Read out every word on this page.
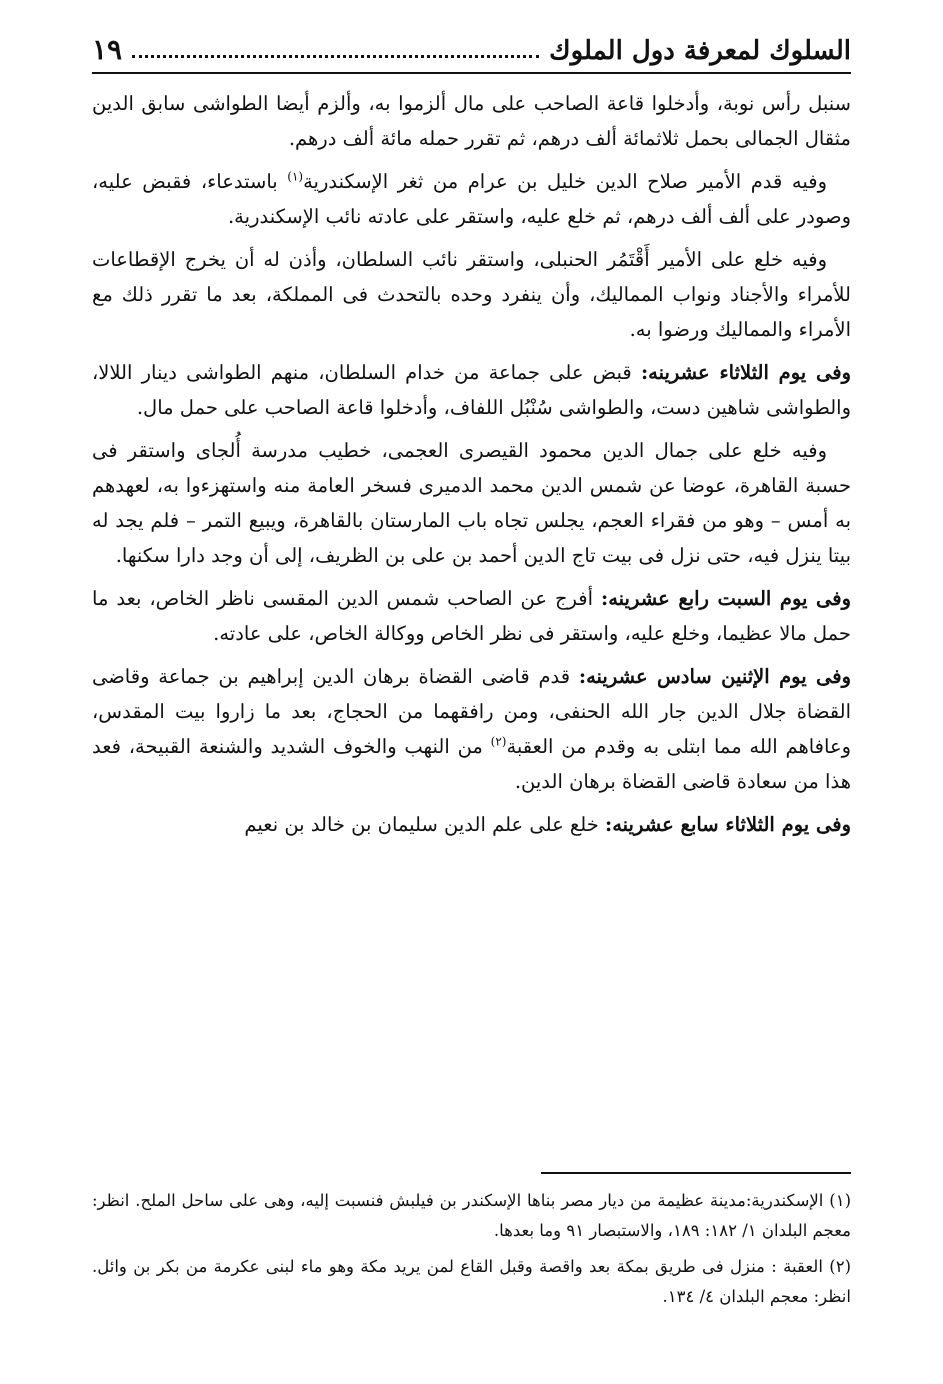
السلوك لمعرفة دول الملوك
١٩

سنبل رأس نوبة، وأدخلوا قاعة الصاحب على مال ألزموا به، وألزم أيضا الطواشى سابق الدين مثقال الجمالى بحمل ثلاثمائة ألف درهم، ثم تقرر حمله مائة ألف درهم.

وفيه قدم الأمير صلاح الدين خليل بن عرام من ثغر الإسكندرية$^{(١)}$ باستدعاء، فقبض عليه، وصودر على ألف ألف درهم، ثم خلع عليه، واستقر على عادته نائب الإسكندرية.

وفيه خلع على الأمير أَقْتَمُر الحنبلى، واستقر نائب السلطان، وأذن له أن يخرج الإقطاعات للأمراء والأجناد ونواب المماليك، وأن ينفرد وحده بالتحدث فى المملكة، بعد ما تقرر ذلك مع الأمراء والمماليك ورضوا به.

وفى يوم الثلاثاء عشرينه: قبض على جماعة من خدام السلطان، منهم الطواشى دينار اللالا، والطواشى شاهين دست، والطواشى سُنْبُل اللفاف، وأدخلوا قاعة الصاحب على حمل مال.

وفيه خلع على جمال الدين محمود القيصرى العجمى، خطيب مدرسة أُلجاى واستقر فى حسبة القاهرة، عوضا عن شمس الدين محمد الدميرى فسخر العامة منه واستهزءوا به، لعهدهم به أمس – وهو من فقراء العجم، يجلس تجاه باب المارستان بالقاهرة، ويبيع التمر – فلم يجد له بيتا ينزل فيه، حتى نزل فى بيت تاج الدين أحمد بن على بن الظريف، إلى أن وجد دارا سكنها.

وفى يوم السبت رابع عشرينه: أفرج عن الصاحب شمس الدين المقسى ناظر الخاص، بعد ما حمل مالا عظيما، وخلع عليه، واستقر فى نظر الخاص ووكالة الخاص، على عادته.

وفى يوم الإثنين سادس عشرينه: قدم قاضى القضاة برهان الدين إبراهيم بن جماعة وقاضى القضاة جلال الدين جار الله الحنفى، ومن رافقهما من الحجاج، بعد ما زاروا بيت المقدس، وعافاهم الله مما ابتلى به وقدم من العقبة$^{(٢)}$ من النهب والخوف الشديد والشنعة القبيحة، فعد هذا من سعادة قاضى القضاة برهان الدين.

وفى يوم الثلاثاء سابع عشرينه: خلع على علم الدين سليمان بن خالد بن نعيم

(١) الإسكندرية:مدينة عظيمة من ديار مصر بناها الإسكندر بن فيلبش فنسبت إليه، وهى على ساحل الملح. انظر: معجم البلدان ١/ ١٨٢: ١٨٩، والاستبصار ٩١ وما بعدها.

(٢) العقبة : منزل فى طريق بمكة بعد واقصة وقبل القاع لمن يريد مكة وهو ماء لبنى عكرمة من بكر بن وائل. انظر: معجم البلدان ٤/ ١٣٤.
